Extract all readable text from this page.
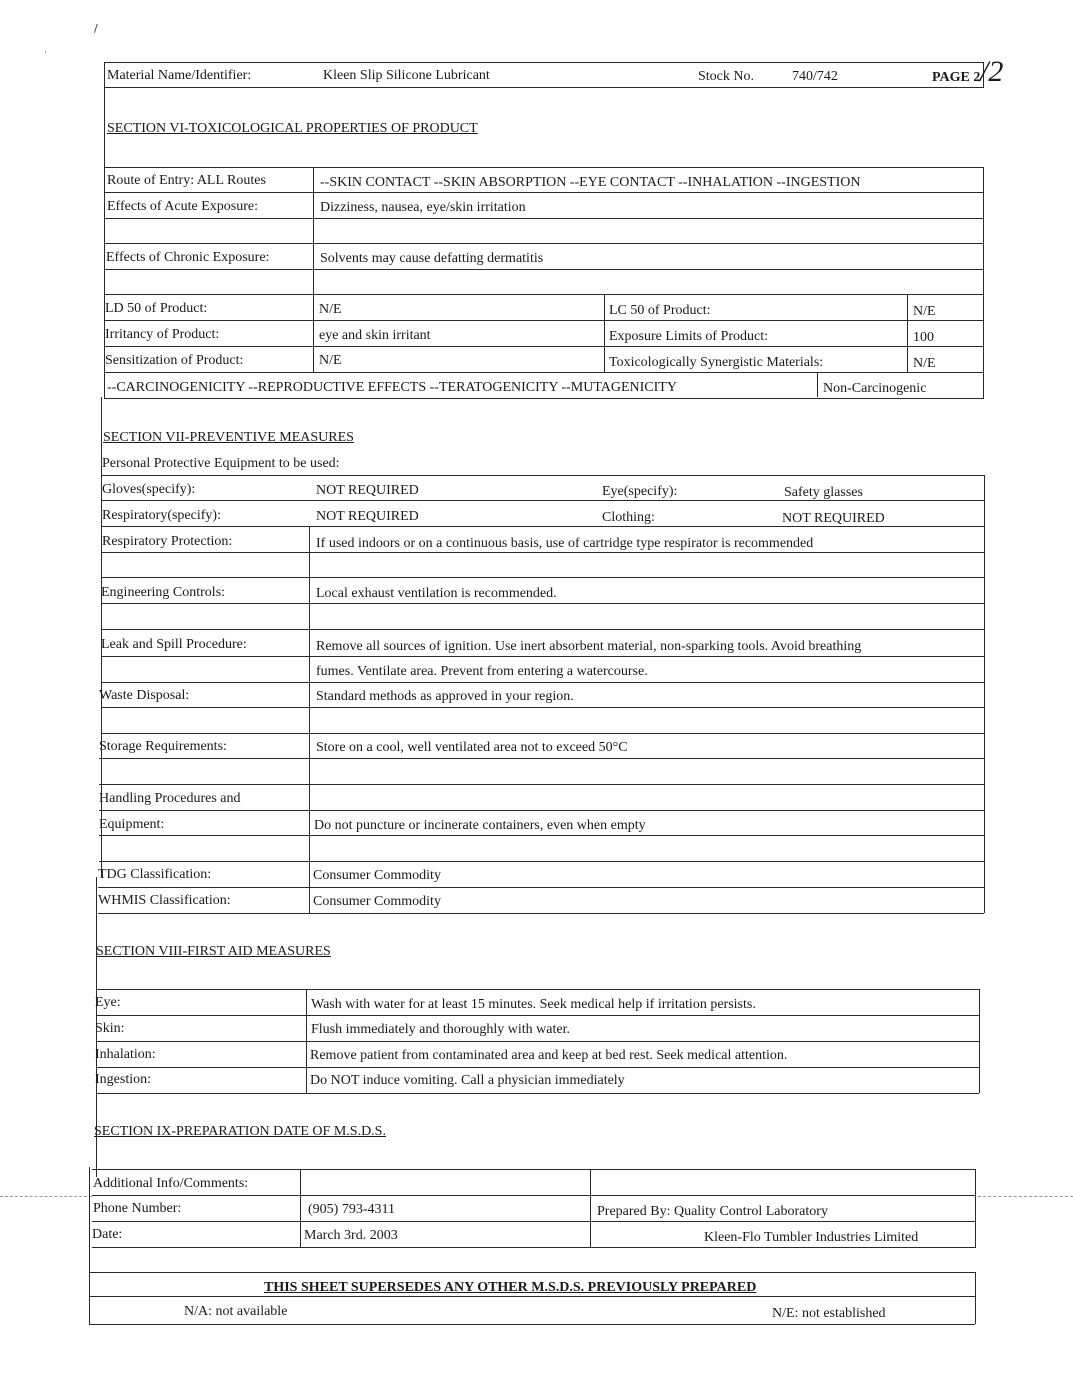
/
·
Material Name/Identifier:	Kleen Slip Silicone Lubricant	Stock No.	740/742	PAGE 2 /2
SECTION VI-TOXICOLOGICAL PROPERTIES OF PRODUCT
Route of Entry: ALL Routes	--SKIN CONTACT --SKIN ABSORPTION --EYE CONTACT --INHALATION --INGESTION
Effects of Acute Exposure:	Dizziness, nausea, eye/skin irritation
Effects of Chronic Exposure:	Solvents may cause defatting dermatitis
LD 50 of Product:	N/E	LC 50 of Product:	N/E
Irritancy of Product:	eye and skin irritant	Exposure Limits of Product:	100
Sensitization of Product:	N/E	Toxicologically Synergistic Materials:	N/E
--CARCINOGENICITY --REPRODUCTIVE EFFECTS --TERATOGENICITY --MUTAGENICITY	Non-Carcinogenic
SECTION VII-PREVENTIVE MEASURES
Personal Protective Equipment to be used:
Gloves(specify):	NOT REQUIRED	Eye(specify):	Safety glasses
Respiratory(specify):	NOT REQUIRED	Clothing:	NOT REQUIRED
Respiratory Protection:	If used indoors or on a continuous basis, use of cartridge type respirator is recommended
Engineering Controls:	Local exhaust ventilation is recommended.
Leak and Spill Procedure:	Remove all sources of ignition. Use inert absorbent material, non-sparking tools. Avoid breathing
fumes. Ventilate area. Prevent from entering a watercourse.
Waste Disposal:	Standard methods as approved in your region.
Storage Requirements:	Store on a cool, well ventilated area not to exceed 50°C
Handling Procedures and
Equipment:	Do not puncture or incinerate containers, even when empty
TDG Classification:	Consumer Commodity
WHMIS Classification:	Consumer Commodity
SECTION VIII-FIRST AID MEASURES
Eye:	Wash with water for at least 15 minutes. Seek medical help if irritation persists.
Skin:	Flush immediately and thoroughly with water.
Inhalation:	Remove patient from contaminated area and keep at bed rest. Seek medical attention.
Ingestion:	Do NOT induce vomiting. Call a physician immediately
SECTION IX-PREPARATION DATE OF M.S.D.S.
Additional Info/Comments:
Phone Number:	(905) 793-4311	Prepared By: Quality Control Laboratory
Date:	March 3rd. 2003	Kleen-Flo Tumbler Industries Limited
THIS SHEET SUPERSEDES ANY OTHER M.S.D.S. PREVIOUSLY PREPARED
N/A: not available	N/E: not established
